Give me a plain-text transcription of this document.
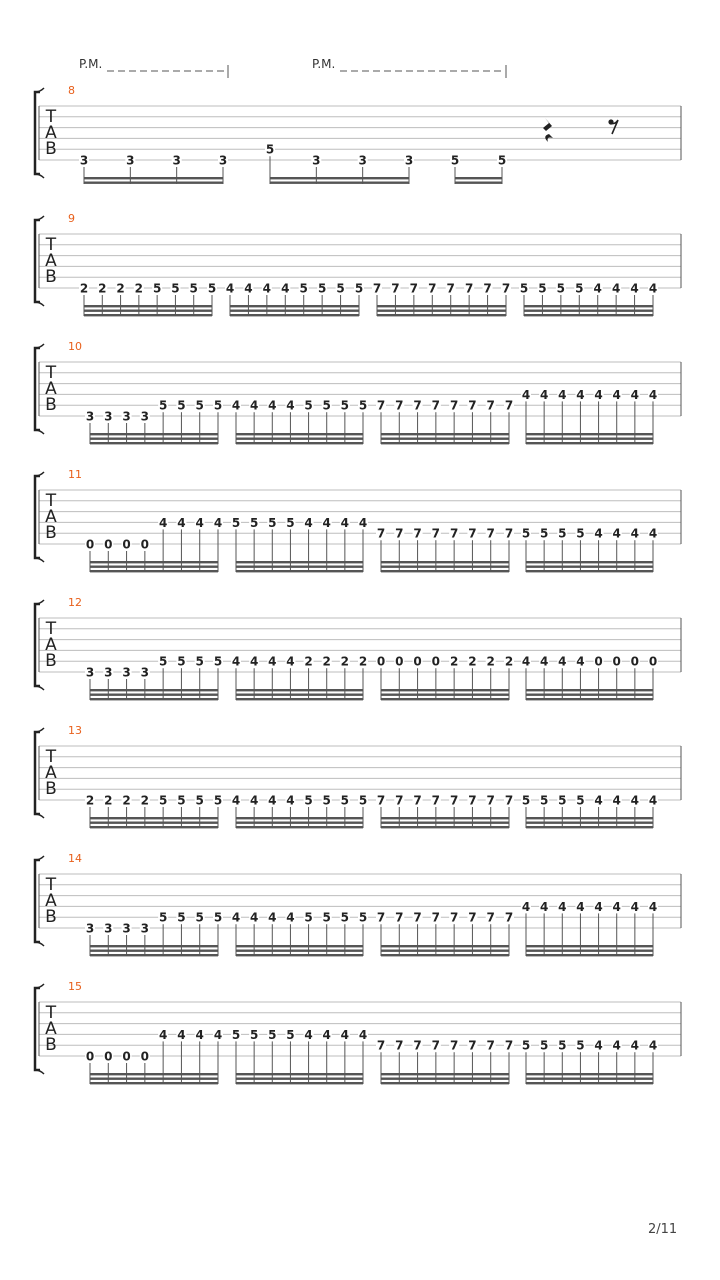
P.M.	P.M.
T
A
B
8
3	3	3	3
5
3	3	3	5	5
T
A
B
9
2 2 2 2 5 5 5 5 4 4 4 4 5 5 5 5 7 7 7 7 7 7 7 7 5 5 5 5 4 4 4 4
T
A
B
10
3 3 3 3
5 5 5 5 4 4 4 4 5 5 5 5 7 7 7 7 7 7 7 7
4 4 4 4 4 4 4 4
T
A
B
11
0 0 0 0
4 4 4 4 5 5 5 5 4 4 4 4
7 7 7 7 7 7 7 7 5 5 5 5 4 4 4 4
T
A
B
12
3 3 3 3
5 5 5 5 4 4 4 4 2 2 2 2 0 0 0 0 2 2 2 2 4 4 4 4 0 0 0 0
T
A
B
13
2 2 2 2 5 5 5 5 4 4 4 4 5 5 5 5 7 7 7 7 7 7 7 7 5 5 5 5 4 4 4 4
T
A
B
14
3 3 3 3
5 5 5 5 4 4 4 4 5 5 5 5 7 7 7 7 7 7 7 7
4 4 4 4 4 4 4 4
T
A
B
15
0 0 0 0
4 4 4 4 5 5 5 5 4 4 4 4
7 7 7 7 7 7 7 7 5 5 5 5 4 4 4 4
2/11
